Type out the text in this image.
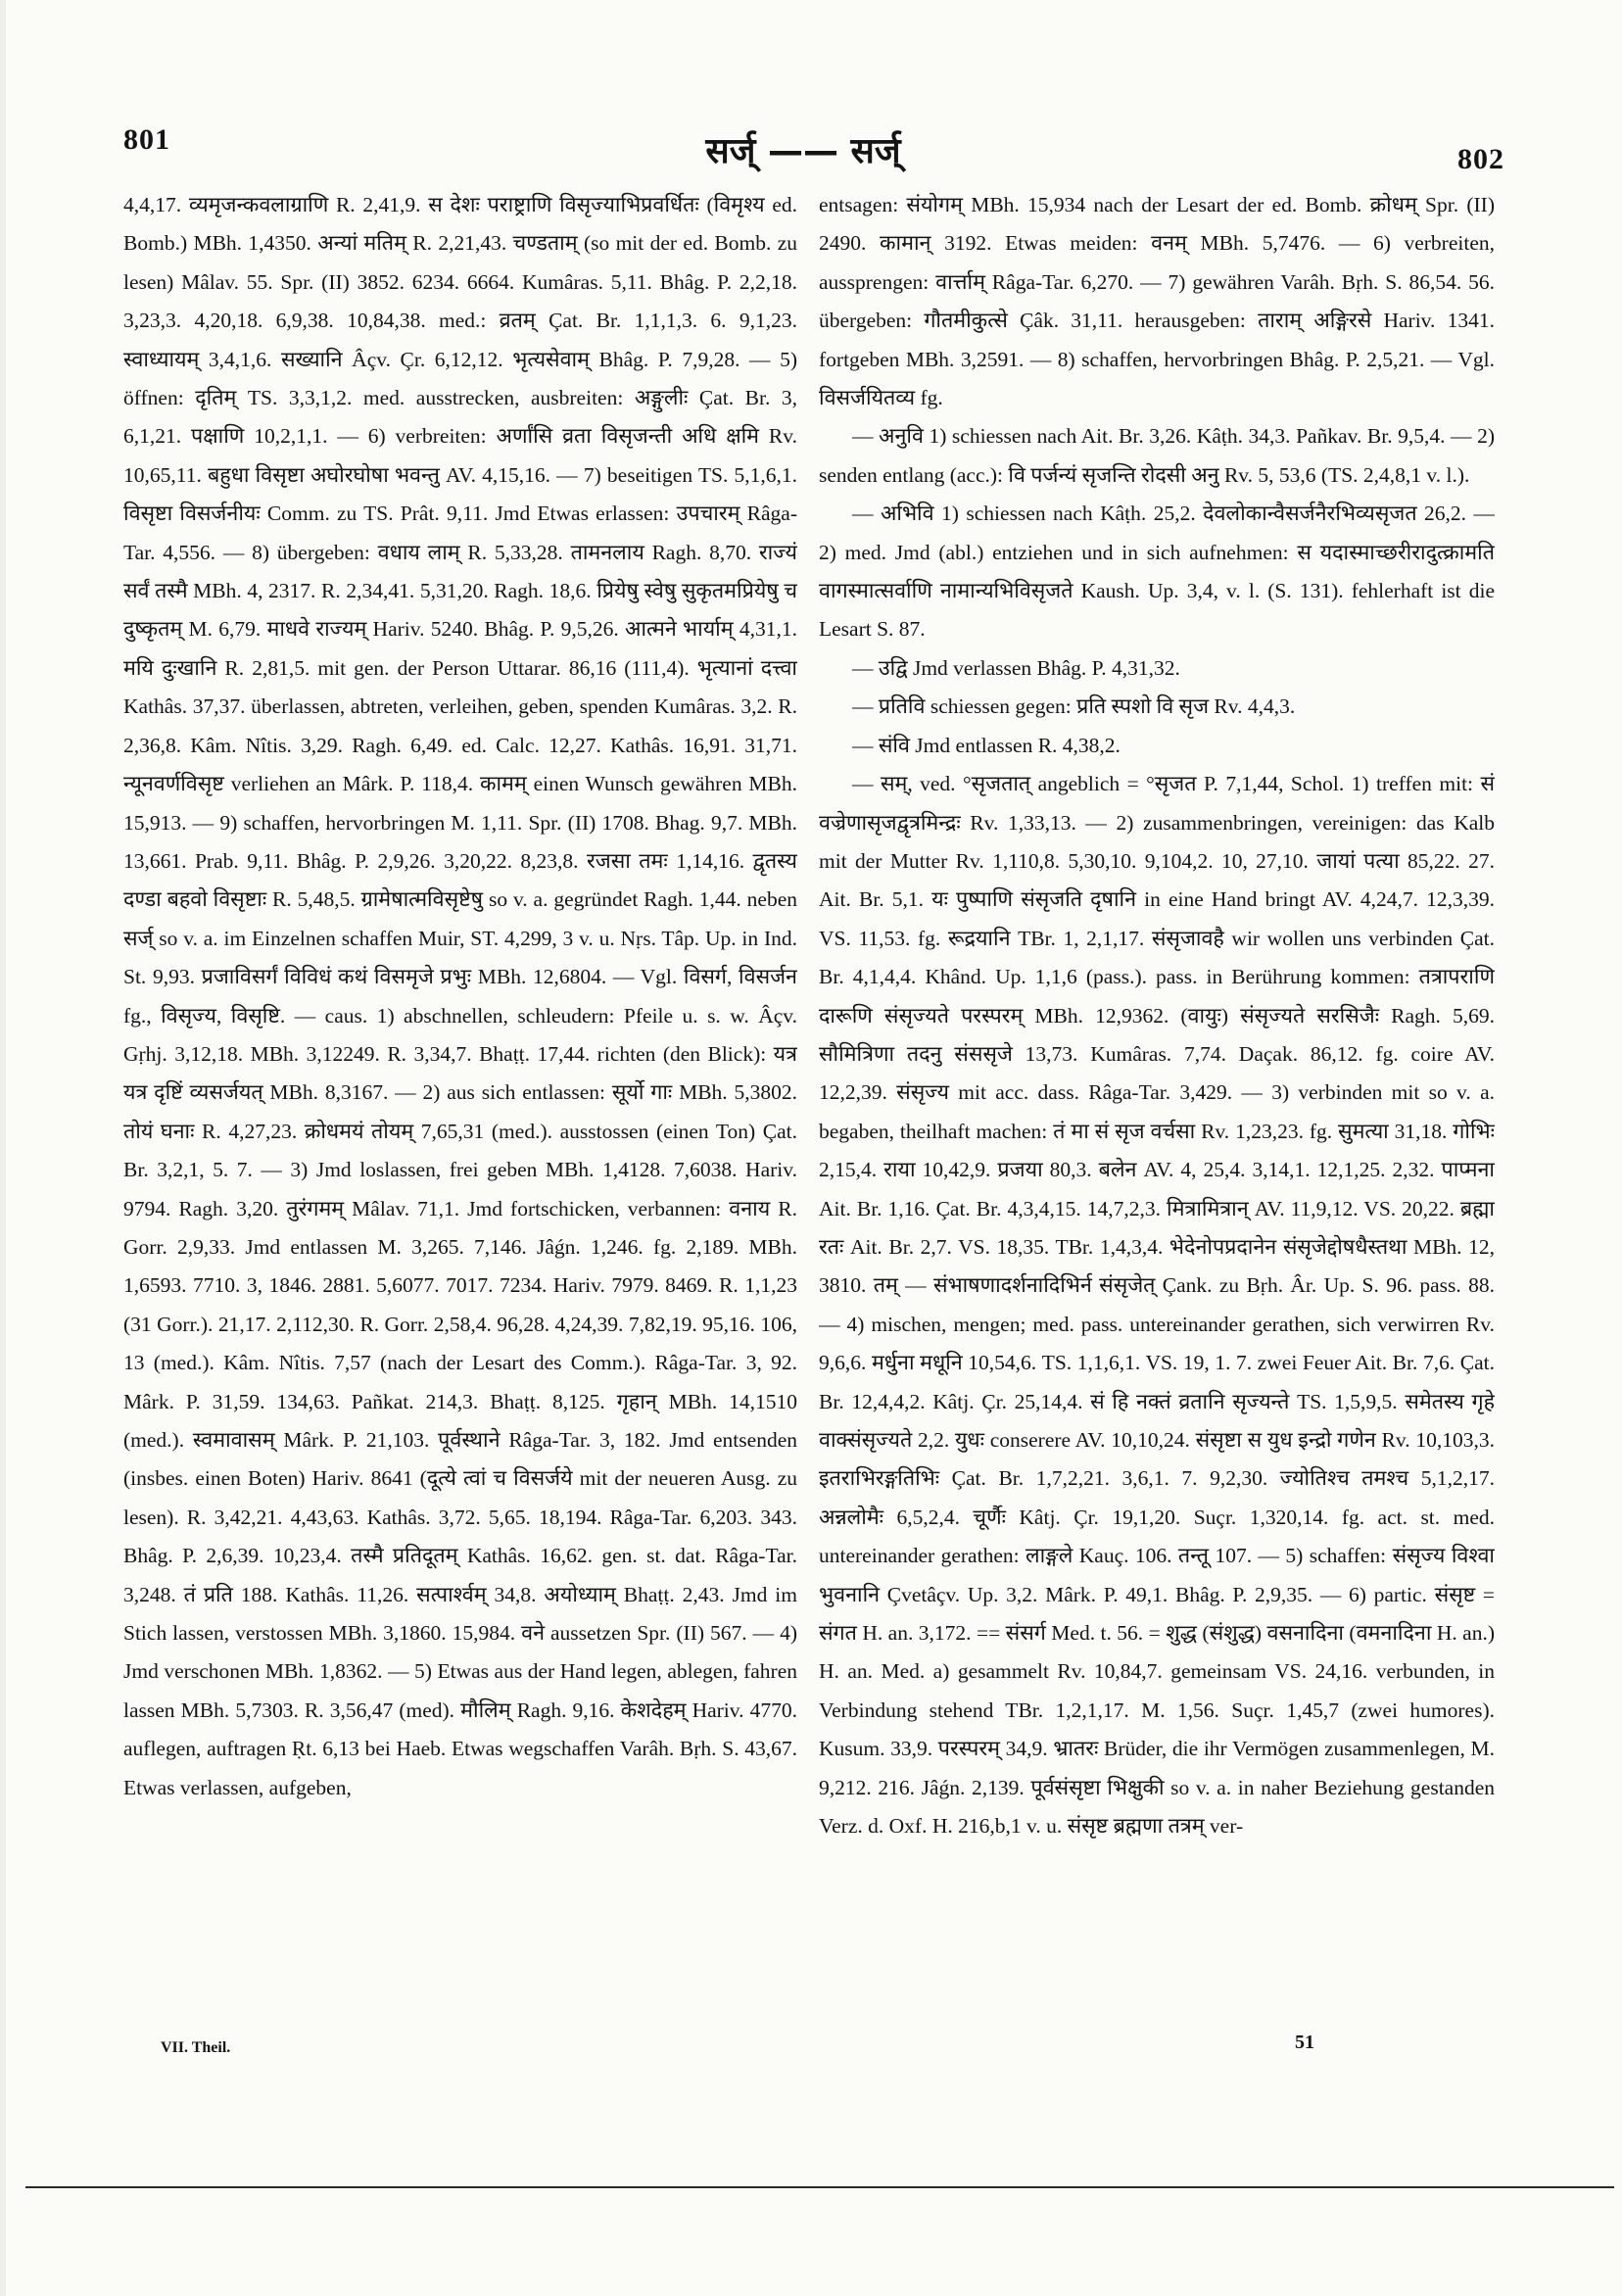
801	सर्ज् —— सर्ज्	802

4,4,17. व्यमृजन्कवलाग्राणि R. 2,41,9. स देशः पराष्ट्राणि विसृज्याभिप्रवर्धितः (विमृश्य ed. Bomb.) MBh. 1,4350. अन्यां मतिम् R. 2,21,43. चण्डताम् (so mit der ed. Bomb. zu lesen) Mâlav. 55. Spr. (II) 3852. 6234. 6664. Kumâras. 5,11. Bhâg. P. 2,2,18. 3,23,3. 4,20,18. 6,9,38. 10,84,38. med.: व्रतम् Çat. Br. 1,1,1,3. 6. 9,1,23. स्वाध्यायम् 3,4,1,6. सख्यानि Âçv. Çr. 6,12,12. भृत्यसेवाम् Bhâg. P. 7,9,28. — 5) öffnen: दृतिम् TS. 3,3,1,2. med. ausstrecken, ausbreiten: अङ्गुलीः Çat. Br. 3, 6,1,21. पक्षाणि 10,2,1,1. — 6) verbreiten: अर्णांसि व्रता विसृजन्ती अधि क्षमि Rv. 10,65,11. बहुधा विसृष्टा अघोरघोषा भवन्तु AV. 4,15,16. — 7) beseitigen TS. 5,1,6,1. विसृष्टा विसर्जनीयः Comm. zu TS. Prât. 9,11. Jmd Etwas erlassen: उपचारम् Râga-Tar. 4,556. — 8) übergeben: वधाय लाम् R. 5,33,28. तामनलाय Ragh. 8,70. राज्यं सर्वं तस्मै MBh. 4, 2317. R. 2,34,41. 5,31,20. Ragh. 18,6. प्रियेषु स्वेषु सुकृतमप्रियेषु च दुष्कृतम् M. 6,79. माधवे राज्यम् Hariv. 5240. Bhâg. P. 9,5,26. आत्मने भार्याम् 4,31,1. मयि दुःखानि R. 2,81,5. mit gen. der Person Uttarar. 86,16 (111,4). भृत्यानां दत्त्वा Kathâs. 37,37. überlassen, abtreten, verleihen, geben, spenden Kumâras. 3,2. R. 2,36,8. Kâm. Nîtis. 3,29. Ragh. 6,49. ed. Calc. 12,27. Kathâs. 16,91. 31,71. न्यूनवर्णविसृष्ट verliehen an Mârk. P. 118,4. कामम् einen Wunsch gewähren MBh. 15,913. — 9) schaffen, hervorbringen M. 1,11. Spr. (II) 1708. Bhag. 9,7. MBh. 13,661. Prab. 9,11. Bhâg. P. 2,9,26. 3,20,22. 8,23,8. रजसा तमः 1,14,16. द्वृतस्य दण्डा बहवो विसृष्टाः R. 5,48,5. ग्रामेषात्मविसृष्टेषु so v. a. gegründet Ragh. 1,44. neben सर्ज् so v. a. im Einzelnen schaffen Muir, ST. 4,299, 3 v. u. Nṛs. Tâp. Up. in Ind. St. 9,93. प्रजाविसर्गं विविधं कथं विसमृजे प्रभुः MBh. 12,6804. — Vgl. विसर्ग, विसर्जन fg., विसृज्य, विसृष्टि. — caus. 1) abschnellen, schleudern: Pfeile u. s. w. Âçv. Gṛhj. 3,12,18. MBh. 3,12249. R. 3,34,7. Bhaṭṭ. 17,44. richten (den Blick): यत्र यत्र दृष्टिं व्यसर्जयत् MBh. 8,3167. — 2) aus sich entlassen: सूर्यो गाः MBh. 5,3802. तोयं घनाः R. 4,27,23. क्रोधमयं तोयम् 7,65,31 (med.). ausstossen (einen Ton) Çat. Br. 3,2,1, 5. 7. — 3) Jmd loslassen, frei geben MBh. 1,4128. 7,6038. Hariv. 9794. Ragh. 3,20. तुरंगमम् Mâlav. 71,1. Jmd fortschicken, verbannen: वनाय R. Gorr. 2,9,33. Jmd entlassen M. 3,265. 7,146. Jâǵn. 1,246. fg. 2,189. MBh. 1,6593. 7710. 3, 1846. 2881. 5,6077. 7017. 7234. Hariv. 7979. 8469. R. 1,1,23 (31 Gorr.). 21,17. 2,112,30. R. Gorr. 2,58,4. 96,28. 4,24,39. 7,82,19. 95,16. 106, 13 (med.). Kâm. Nîtis. 7,57 (nach der Lesart des Comm.). Râga-Tar. 3, 92. Mârk. P. 31,59. 134,63. Pañkat. 214,3. Bhaṭṭ. 8,125. गृहान् MBh. 14,1510 (med.). स्वमावासम् Mârk. P. 21,103. पूर्वस्थाने Râga-Tar. 3, 182. Jmd entsenden (insbes. einen Boten) Hariv. 8641 (दूत्ये त्वां च विसर्जये mit der neueren Ausg. zu lesen). R. 3,42,21. 4,43,63. Kathâs. 3,72. 5,65. 18,194. Râga-Tar. 6,203. 343. Bhâg. P. 2,6,39. 10,23,4. तस्मै प्रतिदूतम् Kathâs. 16,62. gen. st. dat. Râga-Tar. 3,248. तं प्रति 188. Kathâs. 11,26. सत्पार्श्वम् 34,8. अयोध्याम् Bhaṭṭ. 2,43. Jmd im Stich lassen, verstossen MBh. 3,1860. 15,984. वने aussetzen Spr. (II) 567. — 4) Jmd verschonen MBh. 1,8362. — 5) Etwas aus der Hand legen, ablegen, fahren lassen MBh. 5,7303. R. 3,56,47 (med). मौलिम् Ragh. 9,16. केशदेहम् Hariv. 4770. auflegen, auftragen Ṛt. 6,13 bei Haeb. Etwas wegschaffen Varâh. Bṛh. S. 43,67. Etwas verlassen, aufgeben,

entsagen: संयोगम् MBh. 15,934 nach der Lesart der ed. Bomb. क्रोधम् Spr. (II) 2490. कामान् 3192. Etwas meiden: वनम् MBh. 5,7476. — 6) verbreiten, aussprengen: वार्त्ताम् Râga-Tar. 6,270. — 7) gewähren Varâh. Bṛh. S. 86,54. 56. übergeben: गौतमीकुत्से Çâk. 31,11. herausgeben: ताराम् अङ्गिरसे Hariv. 1341. fortgeben MBh. 3,2591. — 8) schaffen, hervorbringen Bhâg. P. 2,5,21. — Vgl. विसर्जयितव्य fg.

— अनुवि 1) schiessen nach Ait. Br. 3,26. Kâṭh. 34,3. Pañkav. Br. 9,5,4. — 2) senden entlang (acc.): वि पर्जन्यं सृजन्ति रोदसी अनु Rv. 5, 53,6 (TS. 2,4,8,1 v. l.).

— अभिवि 1) schiessen nach Kâṭh. 25,2. देवलोकान्वैसर्जनैरभिव्यसृजत 26,2. — 2) med. Jmd (abl.) entziehen und in sich aufnehmen: स यदास्माच्छरीरादुत्क्रामति वागस्मात्सर्वाणि नामान्यभिविसृजते Kaush. Up. 3,4, v. l. (S. 131). fehlerhaft ist die Lesart S. 87.

— उद्वि Jmd verlassen Bhâg. P. 4,31,32.

— प्रतिवि schiessen gegen: प्रति स्पशो वि सृज Rv. 4,4,3.

— संवि Jmd entlassen R. 4,38,2.

— सम्, ved. °सृजतात् angeblich = °सृजत P. 7,1,44, Schol. 1) treffen mit: सं वज्रेणासृजद्वृत्रमिन्द्रः Rv. 1,33,13. — 2) zusammenbringen, vereinigen: das Kalb mit der Mutter Rv. 1,110,8. 5,30,10. 9,104,2. 10, 27,10. जायां पत्या 85,22. 27. Ait. Br. 5,1. यः पुष्पाणि संसृजति दृषानि in eine Hand bringt AV. 4,24,7. 12,3,39. VS. 11,53. fg. रूद्रयानि TBr. 1, 2,1,17. संसृजावहै wir wollen uns verbinden Çat. Br. 4,1,4,4. Khând. Up. 1,1,6 (pass.). pass. in Berührung kommen: तत्रापराणि दारूणि संसृज्यते परस्परम् MBh. 12,9362. (वायुः) संसृज्यते सरसिजैः Ragh. 5,69. सौमित्रिणा तदनु संससृजे 13,73. Kumâras. 7,74. Daçak. 86,12. fg. coire AV. 12,2,39. संसृज्य mit acc. dass. Râga-Tar. 3,429. — 3) verbinden mit so v. a. begaben, theilhaft machen: तं मा सं सृज वर्चसा Rv. 1,23,23. fg. सुमत्या 31,18. गोभिः 2,15,4. राया 10,42,9. प्रजया 80,3. बलेन AV. 4, 25,4. 3,14,1. 12,1,25. 2,32. पाप्मना Ait. Br. 1,16. Çat. Br. 4,3,4,15. 14,7,2,3. मित्रामित्रान् AV. 11,9,12. VS. 20,22. ब्रह्मा रतः Ait. Br. 2,7. VS. 18,35. TBr. 1,4,3,4. भेदेनोपप्रदानेन संसृजेद्दोषधैस्तथा MBh. 12, 3810. तम् — संभाषणादर्शनादिभिर्न संसृजेत् Çank. zu Bṛh. Âr. Up. S. 96. pass. 88. — 4) mischen, mengen; med. pass. untereinander gerathen, sich verwirren Rv. 9,6,6. मर्धुना मधूनि 10,54,6. TS. 1,1,6,1. VS. 19, 1. 7. zwei Feuer Ait. Br. 7,6. Çat. Br. 12,4,4,2. Kâtj. Çr. 25,14,4. सं हि नक्तं व्रतानि सृज्यन्ते TS. 1,5,9,5. समेतस्य गृहे वाक्संसृज्यते 2,2. युधः conserere AV. 10,10,24. संसृष्टा स युध इन्द्रो गणेन Rv. 10,103,3. इतराभिरङ्गतिभिः Çat. Br. 1,7,2,21. 3,6,1. 7. 9,2,30. ज्योतिश्च तमश्च 5,1,2,17. अन्नलोमैः 6,5,2,4. चूर्णैः Kâtj. Çr. 19,1,20. Suçr. 1,320,14. fg. act. st. med. untereinander gerathen: लाङ्गले Kauç. 106. तन्तू 107. — 5) schaffen: संसृज्य विश्वा भुवनानि Çvetâçv. Up. 3,2. Mârk. P. 49,1. Bhâg. P. 2,9,35. — 6) partic. संसृष्ट = संगत H. an. 3,172. == संसर्ग Med. t. 56. = शुद्ध (संशुद्ध) वसनादिना (वमनादिना H. an.) H. an. Med. a) gesammelt Rv. 10,84,7. gemeinsam VS. 24,16. verbunden, in Verbindung stehend TBr. 1,2,1,17. M. 1,56. Suçr. 1,45,7 (zwei humores). Kusum. 33,9. परस्परम् 34,9. भ्रातरः Brüder, die ihr Vermögen zusammenlegen, M. 9,212. 216. Jâǵn. 2,139. पूर्वसंसृष्टा भिक्षुकी so v. a. in naher Beziehung gestanden Verz. d. Oxf. H. 216,b,1 v. u. संसृष्ट ब्रह्मणा तत्रम् ver-

VII. Theil.	51
